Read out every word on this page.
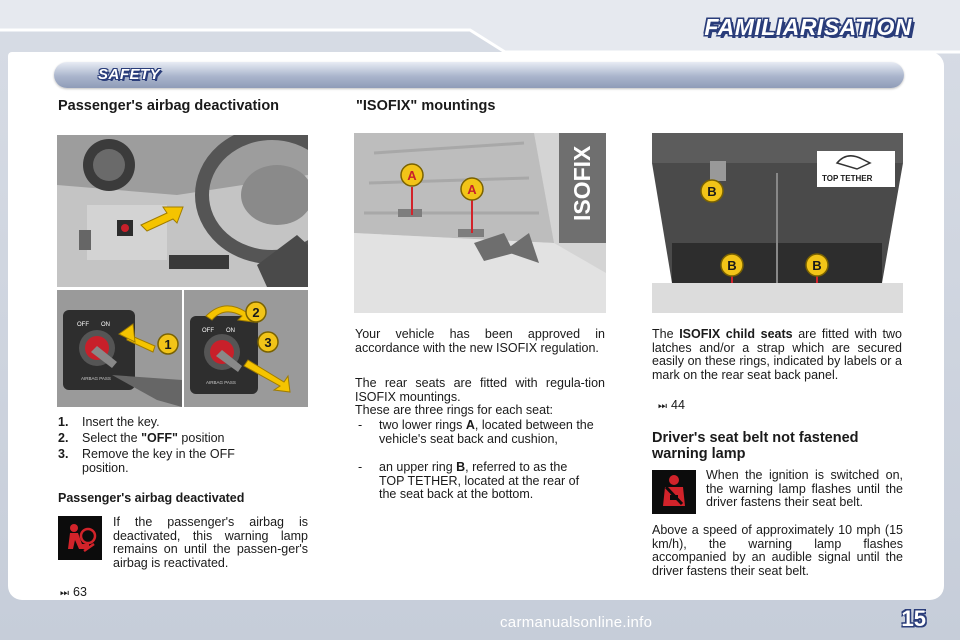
FAMILIARISATION
SAFETY
Passenger's airbag deactivation
OFF ON
AIRBAG PASS
1
OFF ON
AIRBAG PASS
2
3
1. Insert the key.
2. Select the "OFF" position
3. Remove the key in the OFF position.
Passenger's airbag deactivated

If the passenger's airbag is deactivated, this warning lamp remains on until the passen-ger's airbag is reactivated.

⏭ 63
"ISOFIX" mountings
ISOFIX
A
A

Your vehicle has been approved in accordance with the new ISOFIX regulation.

The rear seats are fitted with regula-tion ISOFIX mountings.

These are three rings for each seat:

- two lower rings A, located between the vehicle's seat back and cushion,
- an upper ring B, referred to as the TOP TETHER, located at the rear of the seat back at the bottom.
TOP TETHER
B
B	B

The ISOFIX child seats are fitted with two latches and/or a strap which are secured easily on these rings, indicated by labels or a mark on the rear seat back panel.

⏭ 44
Driver's seat belt not fastened warning lamp

When the ignition is switched on, the warning lamp flashes until the driver fastens their seat belt.

Above a speed of approximately 10 mph (15 km/h), the warning lamp flashes accompanied by an audible signal until the driver fastens their seat belt.

15
carmanualsonline.info
